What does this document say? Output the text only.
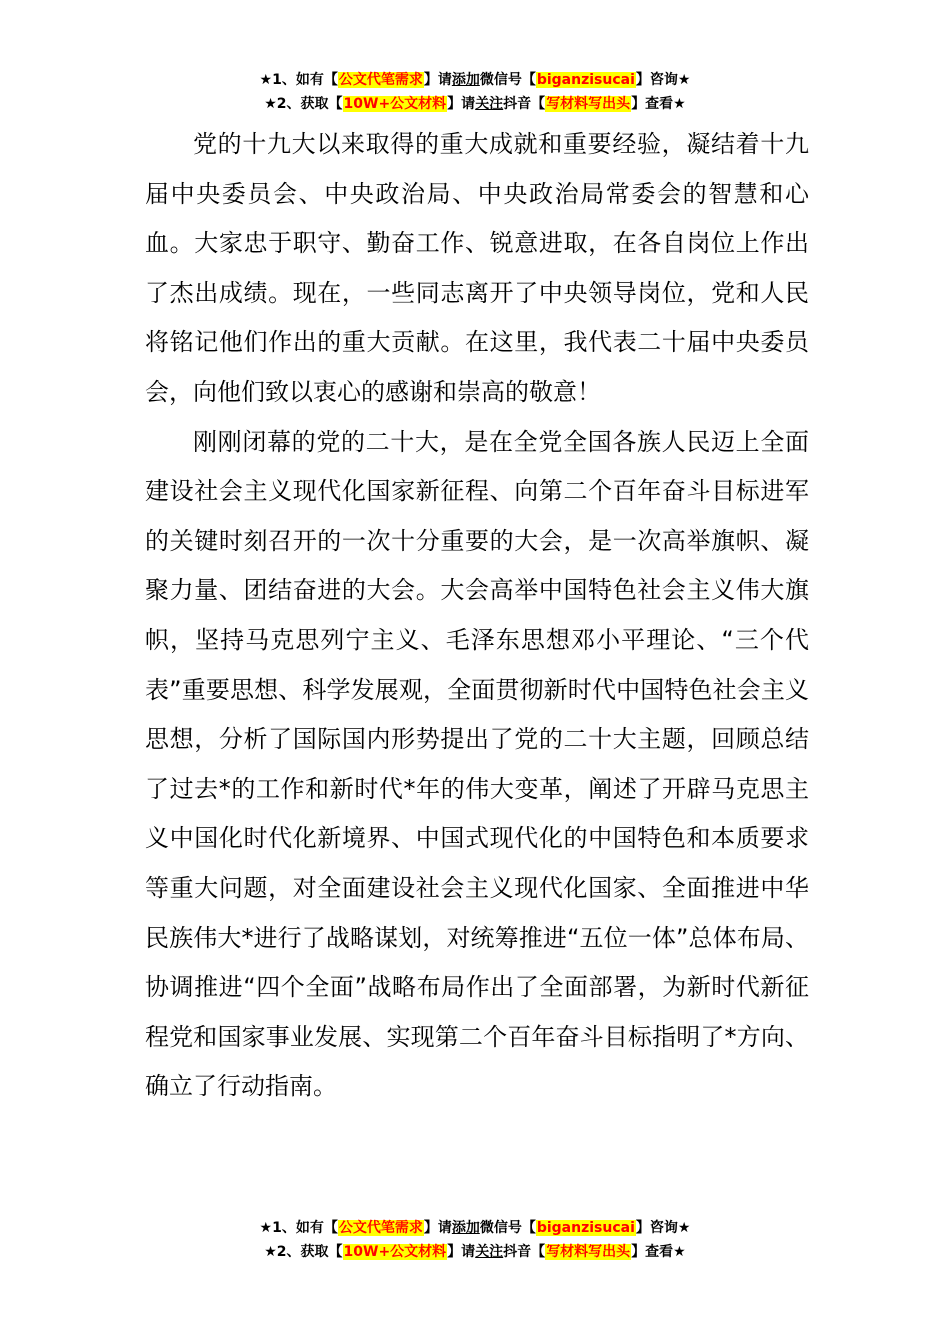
★1、如有【公文代笔需求】请添加微信号【biganzisucai】咨询★
★2、获取【10W+公文材料】请关注抖音【写材料写出头】查看★

党的十九大以来取得的重大成就和重要经验，凝结着十九届中央委员会、中央政治局、中央政治局常委会的智慧和心血。大家忠于职守、勤奋工作、锐意进取，在各自岗位上作出了杰出成绩。现在，一些同志离开了中央领导岗位，党和人民将铭记他们作出的重大贡献。在这里，我代表二十届中央委员会，向他们致以衷心的感谢和崇高的敬意！

刚刚闭幕的党的二十大，是在全党全国各族人民迈上全面建设社会主义现代化国家新征程、向第二个百年奋斗目标进军的关键时刻召开的一次十分重要的大会，是一次高举旗帜、凝聚力量、团结奋进的大会。大会高举中国特色社会主义伟大旗帜，坚持马克思列宁主义、毛泽东思想邓小平理论、“三个代表”重要思想、科学发展观，全面贯彻新时代中国特色社会主义思想，分析了国际国内形势提出了党的二十大主题，回顾总结了过去*的工作和新时代*年的伟大变革，阐述了开辟马克思主义中国化时代化新境界、中国式现代化的中国特色和本质要求等重大问题，对全面建设社会主义现代化国家、全面推进中华民族伟大*进行了战略谋划，对统筹推进“五位一体”总体布局、协调推进“四个全面”战略布局作出了全面部署，为新时代新征程党和国家事业发展、实现第二个百年奋斗目标指明了*方向、确立了行动指南。

★1、如有【公文代笔需求】请添加微信号【biganzisucai】咨询★
★2、获取【10W+公文材料】请关注抖音【写材料写出头】查看★
